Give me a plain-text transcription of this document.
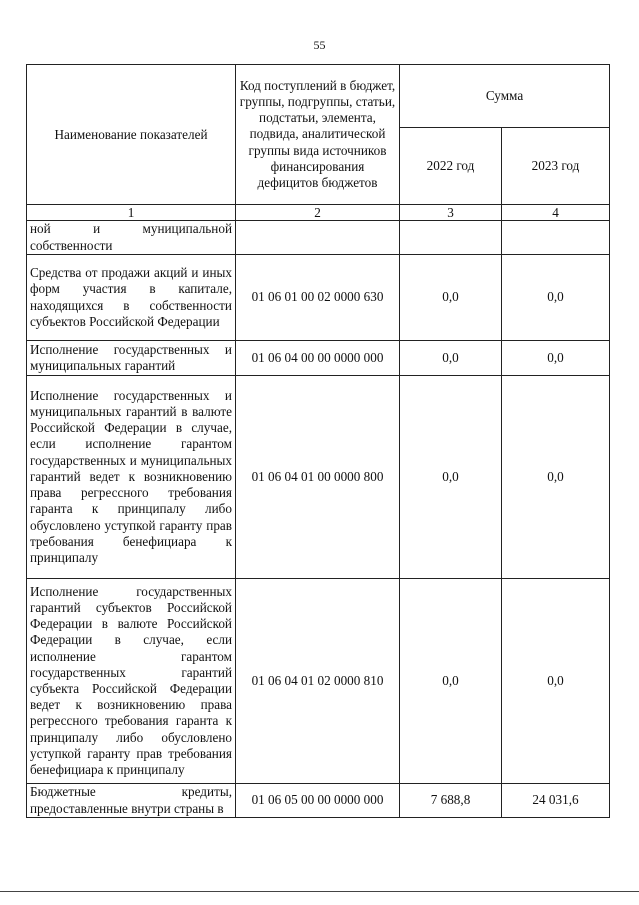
55
Наименование показателей	Код поступлений в бюджет, группы, подгруппы, статьи, подстатьи, элемента, подвида, аналитической группы вида источников финансирования дефицитов бюджетов	Сумма	
		2022 год	2023 год
1	2	3	4
ной и муниципальной собственности			
Средства от продажи акций и иных форм участия в капитале, находящихся в собственности субъектов Российской Федерации	01 06 01 00 02 0000 630	0,0	0,0
Исполнение государственных и муниципальных гарантий	01 06 04 00 00 0000 000	0,0	0,0
Исполнение государственных и муниципальных гарантий в валюте Российской Федерации в случае, если исполнение гарантом государственных и муниципальных гарантий ведет к возникновению права регрессного требования гаранта к принципалу либо обусловлено уступкой гаранту прав требования бенефициара к принципалу	01 06 04 01 00 0000 800	0,0	0,0
Исполнение государственных гарантий субъектов Российской Федерации в валюте Российской Федерации в случае, если исполнение гарантом государственных гарантий субъекта Российской Федерации ведет к возникновению права регрессного требования гаранта к принципалу либо обусловлено уступкой гаранту прав требования бенефициара к принципалу	01 06 04 01 02 0000 810	0,0	0,0
Бюджетные кредиты, предоставленные внутри страны в	01 06 05 00 00 0000 000	7 688,8	24 031,6
